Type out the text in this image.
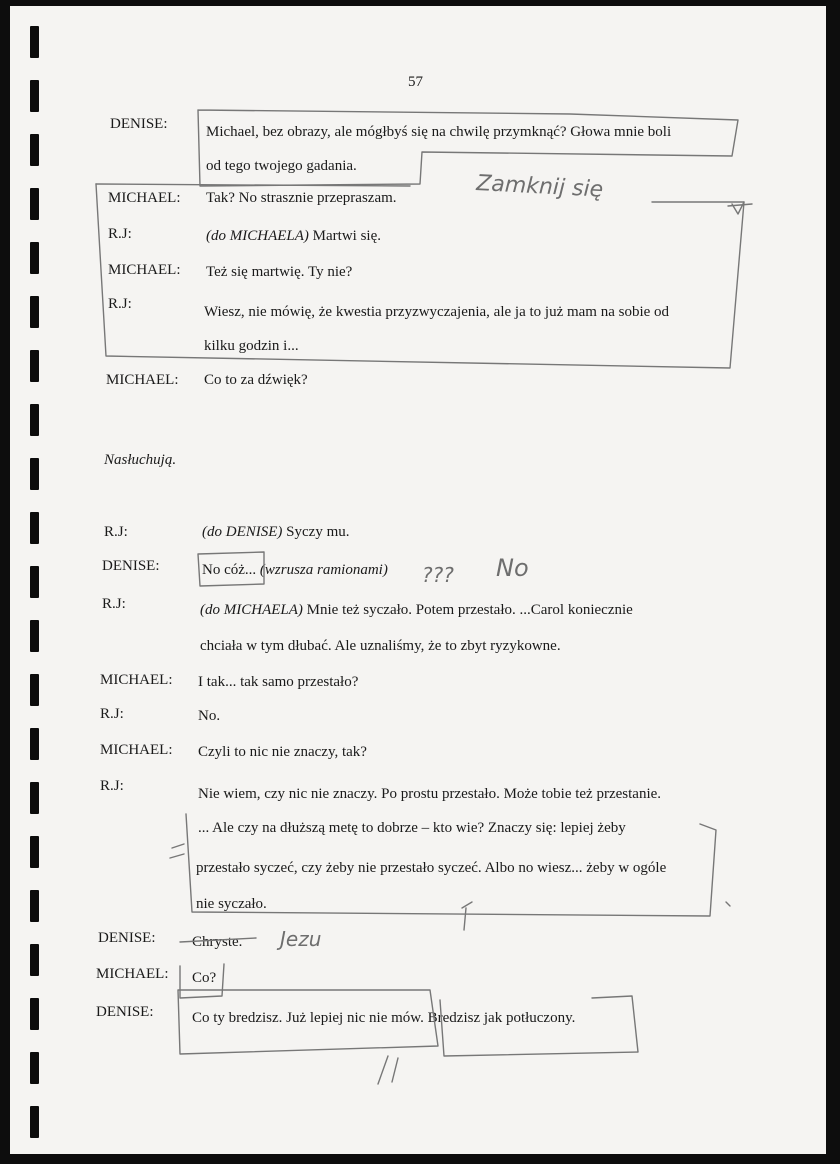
57
DENISE:	Michael, bez obrazy, ale mógłbyś się na chwilę przymknąć? Głowa mnie boli
od tego twojego gadania.
MICHAEL: Tak? No strasznie przepraszam.
R.J:	(do MICHAELA) Martwi się.
MICHAEL: Też się martwię. Ty nie?
R.J:	Wiesz, nie mówię, że kwestia przyzwyczajenia, ale ja to już mam na sobie od
kilku godzin i...
MICHAEL: Co to za dźwięk?
Nasłuchują.
R.J:	(do DENISE) Syczy mu.
DENISE:	No cóż... (wzrusza ramionami)
R.J:	(do MICHAELA) Mnie też syczało. Potem przestało. ...Carol koniecznie
chciała w tym dłubać. Ale uznaliśmy, że to zbyt ryzykowne.
MICHAEL: I tak... tak samo przestało?
R.J:	No.
MICHAEL: Czyli to nic nie znaczy, tak?
R.J:	Nie wiem, czy nic nie znaczy. Po prostu przestało. Może tobie też przestanie.
... Ale czy na dłuższą metę to dobrze – kto wie? Znaczy się: lepiej żeby
przestało syczeć, czy żeby nie przestało syczeć. Albo no wiesz... żeby w ogóle
nie syczało.
DENISE: Chryste.
MICHAEL: Co?
DENISE:	Co ty bredzisz. Już lepiej nic nie mów. Bredzisz jak potłuczony.
Zamknij się
??? No
Jezu
